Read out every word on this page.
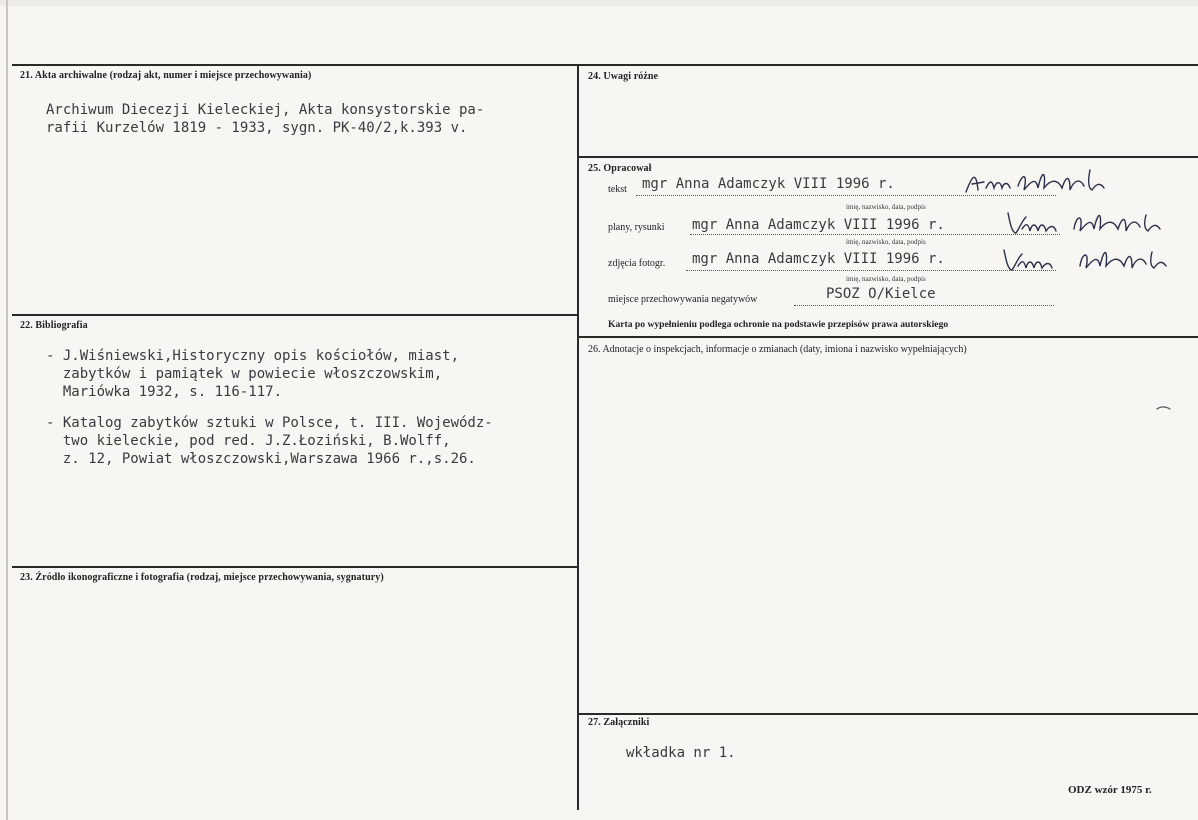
21. Akta archiwalne (rodzaj akt, numer i miejsce przechowywania)
Archiwum Diecezji Kieleckiej, Akta konsystorskie pa-
rafii Kurzelów 1819 - 1933, sygn. PK-40/2,k.393 v.
22. Bibliografia
- J.Wiśniewski,Historyczny opis kościołów, miast,
zabytków i pamiątek w powiecie włoszczowskim,
Mariówka 1932, s. 116-117.
- Katalog zabytków sztuki w Polsce, t. III. Wojewódz-
two kieleckie, pod red. J.Z.Łoziński, B.Wolff,
z. 12, Powiat włoszczowski,Warszawa 1966 r.,s.26.
23. Źródło ikonograficzne i fotografia (rodzaj, miejsce przechowywania, sygnatury)
24. Uwagi różne
25. Opracował
tekst mgr Anna Adamczyk VIII 1996 r.
imię, nazwisko, data, podpis
plany, rysunki mgr Anna Adamczyk VIII 1996 r.
imię, nazwisko, data, podpis
zdjęcia fotogr. mgr Anna Adamczyk VIII 1996 r.
imię, nazwisko, data, podpis
miejsce przechowywania negatywów	PSOZ O/Kielce
Karta po wypełnieniu podlega ochronie na podstawie przepisów prawa autorskiego
26. Adnotacje o inspekcjach, informacje o zmianach (daty, imiona i nazwisko wypełniających)
27. Załączniki
wkładka nr 1.
ODZ wzór 1975 r.
